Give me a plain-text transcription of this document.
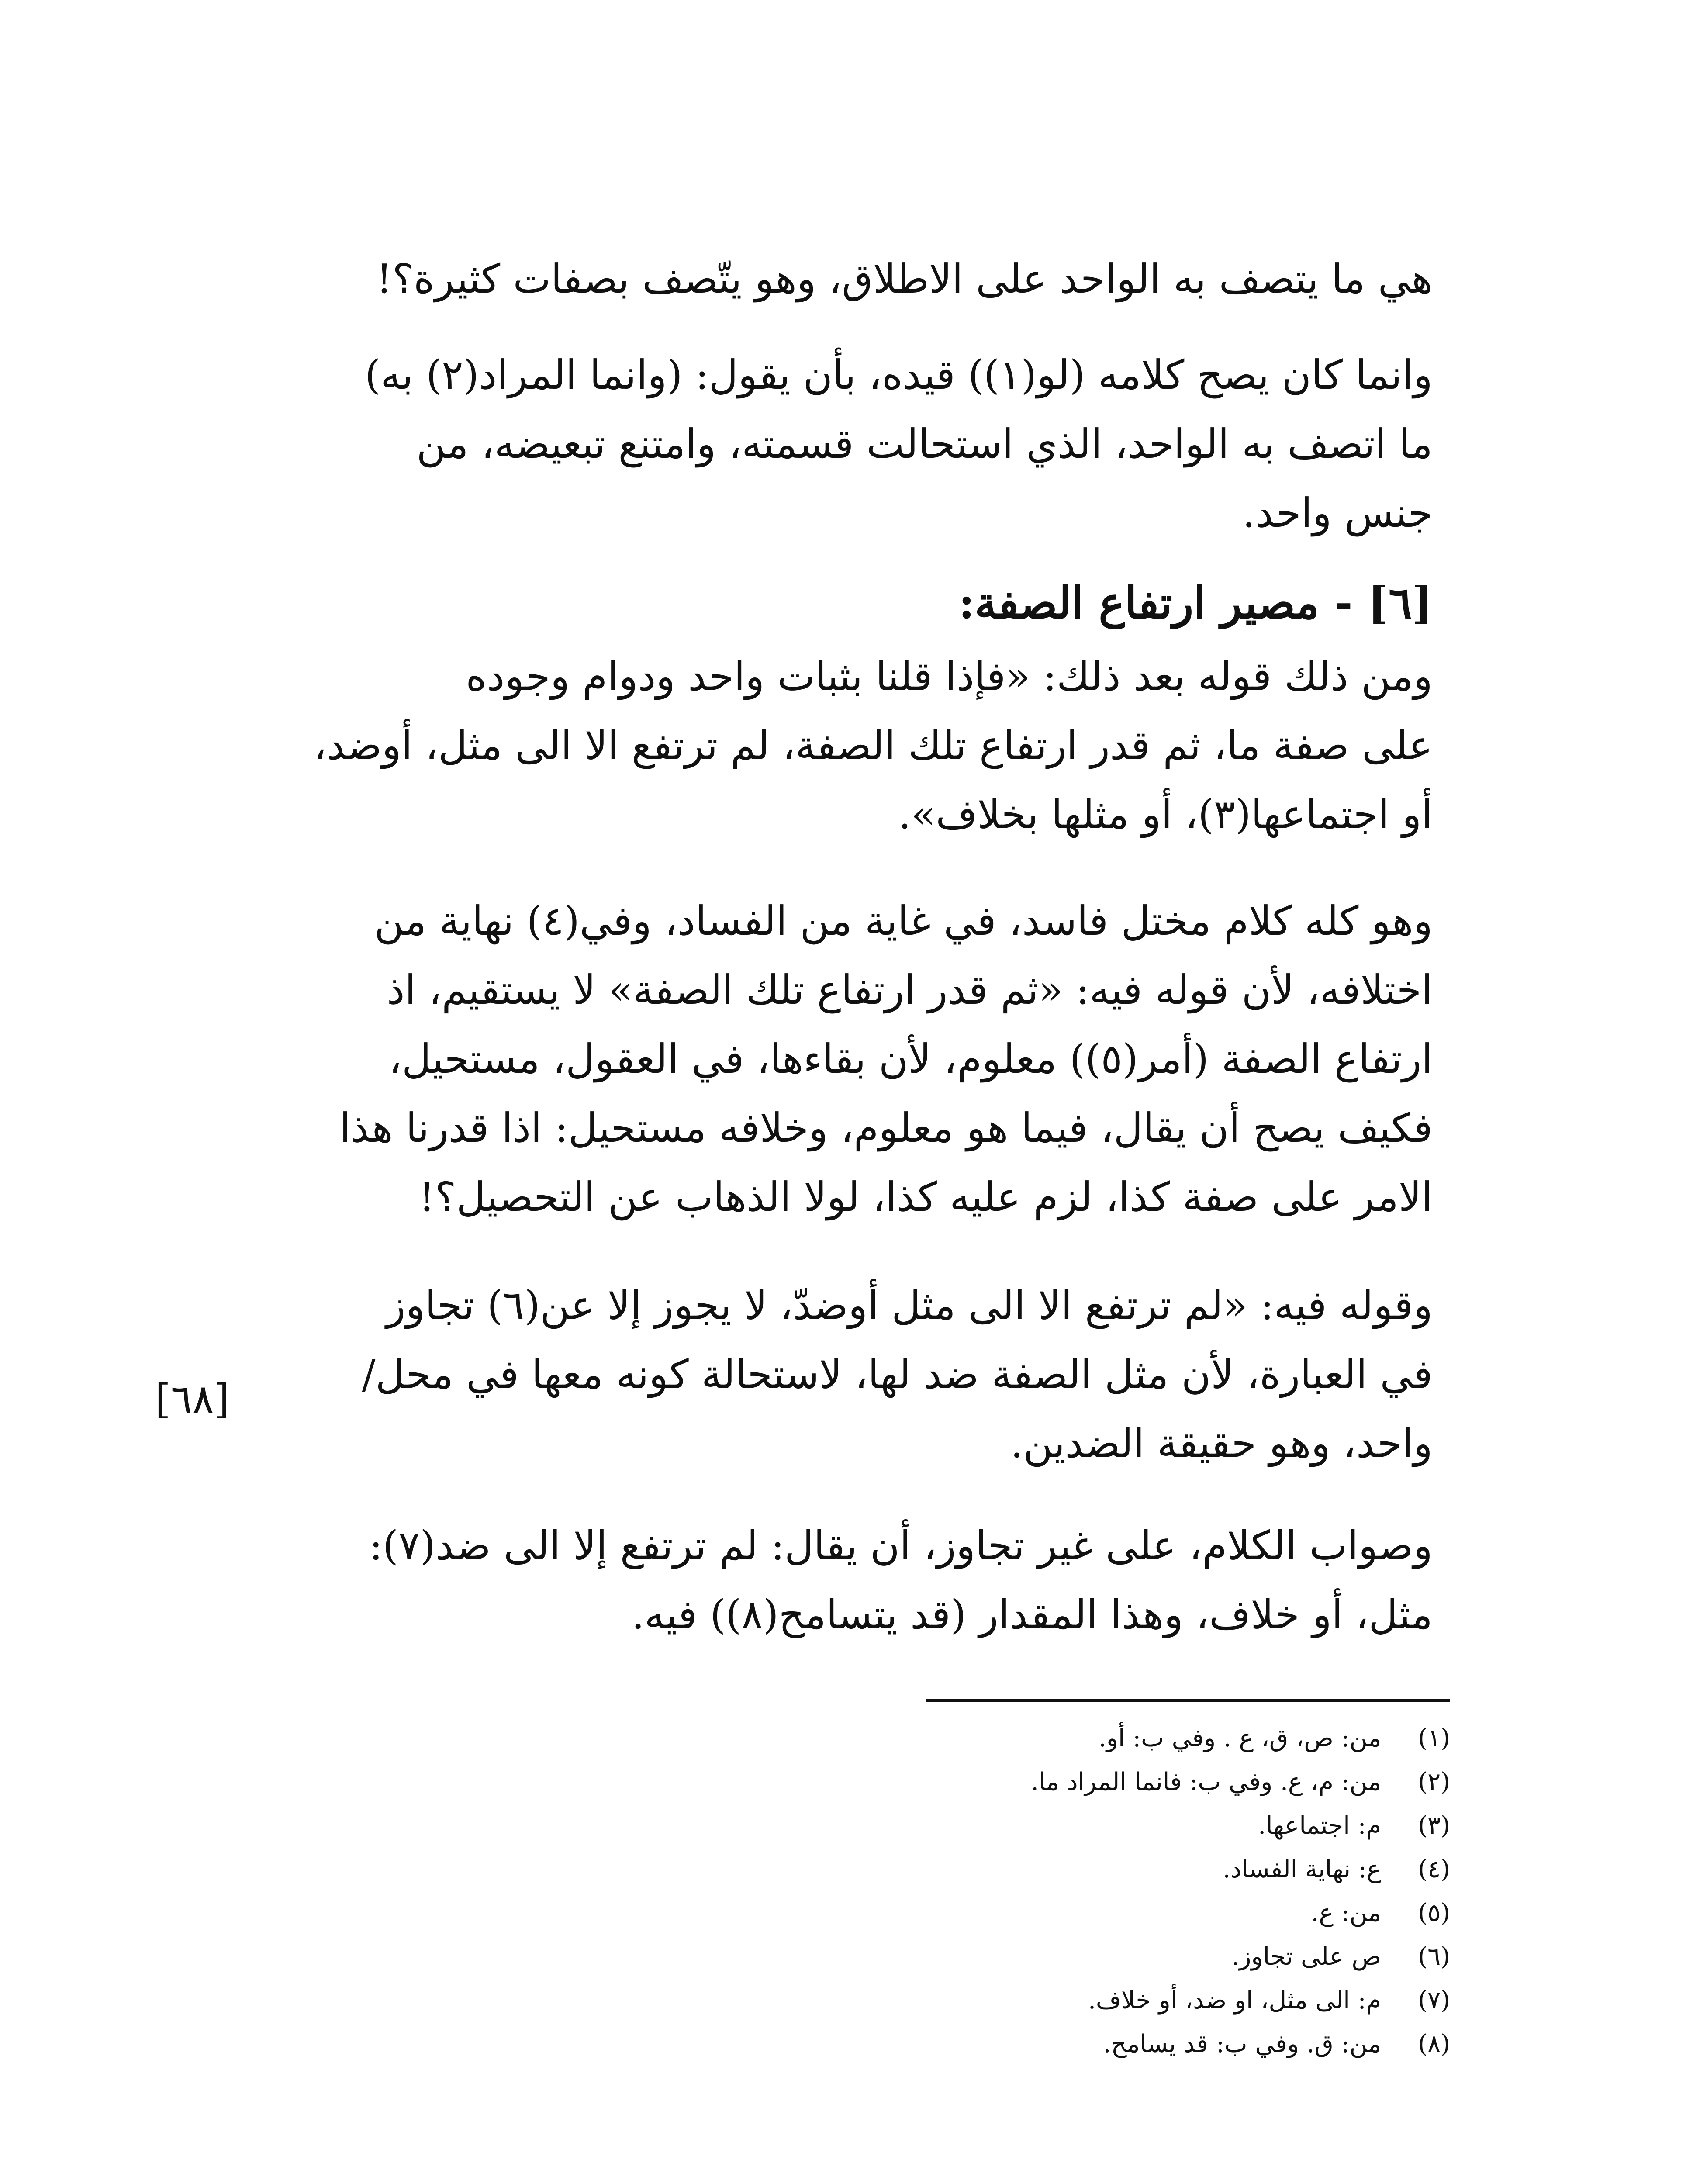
هي ما يتصف به الواحد على الاطلاق، وهو يتّصف بصفات كثيرة؟!
وانما كان يصح كلامه (لو(١)) قيده، بأن يقول: (وانما المراد(٢) به)
ما اتصف به الواحد، الذي استحالت قسمته، وامتنع تبعيضه، من
جنس واحد.
[٦] - مصير ارتفاع الصفة:
ومن ذلك قوله بعد ذلك: «فإذا قلنا بثبات واحد ودوام وجوده
على صفة ما، ثم قدر ارتفاع تلك الصفة، لم ترتفع الا الى مثل، أوضد،
أو اجتماعها(٣)، أو مثلها بخلاف».
وهو كله كلام مختل فاسد، في غاية من الفساد، وفي(٤) نهاية من
اختلافه، لأن قوله فيه: «ثم قدر ارتفاع تلك الصفة» لا يستقيم، اذ
ارتفاع الصفة (أمر(٥)) معلوم، لأن بقاءها، في العقول، مستحيل،
فكيف يصح أن يقال، فيما هو معلوم، وخلافه مستحيل: اذا قدرنا هذا
الامر على صفة كذا، لزم عليه كذا، لولا الذهاب عن التحصيل؟!
وقوله فيه: «لم ترتفع الا الى مثل أوضدّ، لا يجوز إلا عن(٦) تجاوز
في العبارة، لأن مثل الصفة ضد لها، لاستحالة كونه معها في محل/
واحد، وهو حقيقة الضدين.
[٦٨]
وصواب الكلام، على غير تجاوز، أن يقال: لم ترتفع إلا الى ضد(٧):
مثل، أو خلاف، وهذا المقدار (قد يتسامح(٨)) فيه.
(١) من: ص، ق، ع . وفي ب: أو.
(٢) من: م، ع. وفي ب: فانما المراد ما.
(٣) م: اجتماعها.
(٤) ع: نهاية الفساد.
(٥) من: ع.
(٦) ص على تجاوز.
(٧) م: الى مثل، او ضد، أو خلاف.
(٨) من: ق. وفي ب: قد يسامح.
